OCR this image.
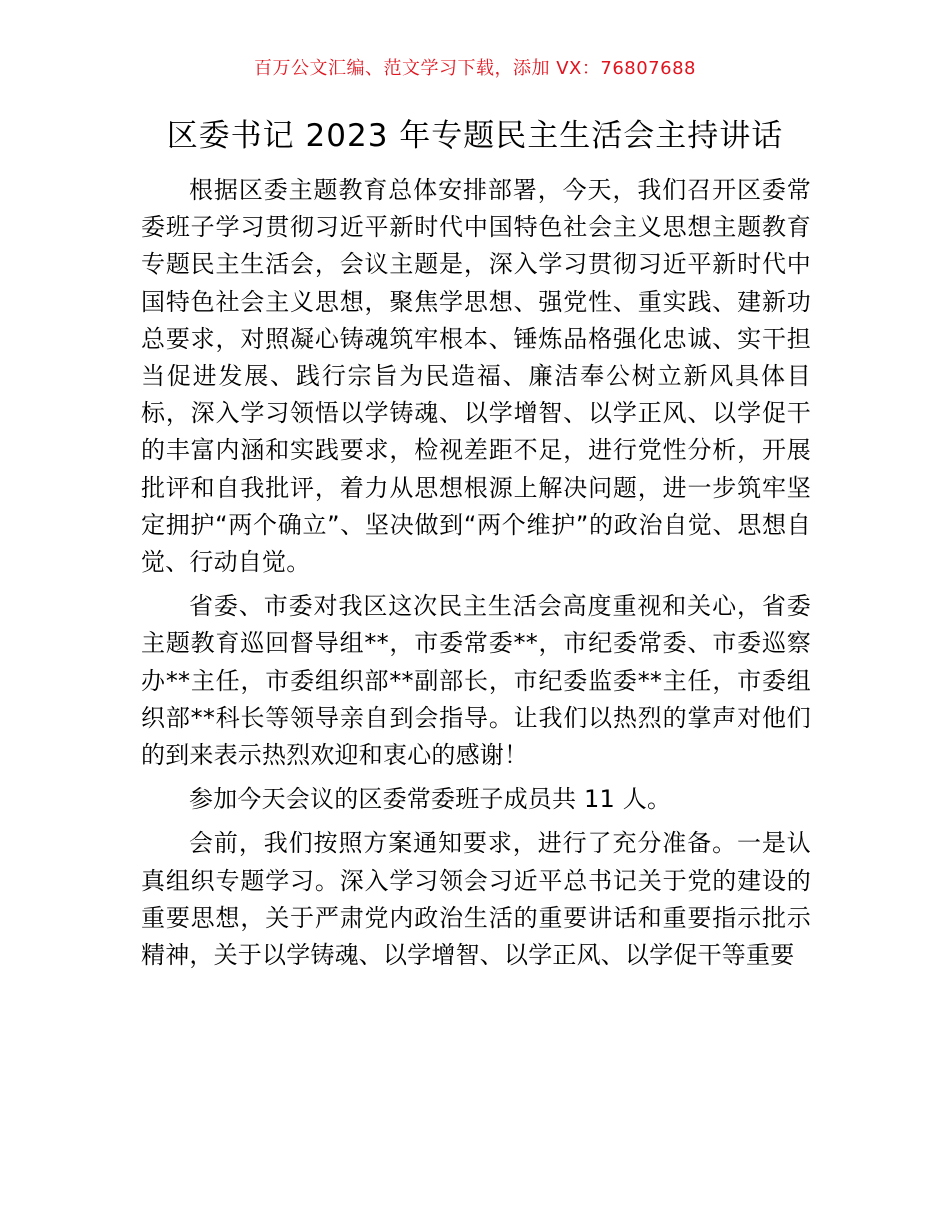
百万公文汇编、范文学习下载，添加 VX：76807688
区委书记 2023 年专题民主生活会主持讲话

根据区委主题教育总体安排部署，今天，我们召开区委常委班子学习贯彻习近平新时代中国特色社会主义思想主题教育专题民主生活会，会议主题是，深入学习贯彻习近平新时代中国特色社会主义思想，聚焦学思想、强党性、重实践、建新功总要求，对照凝心铸魂筑牢根本、锤炼品格强化忠诚、实干担当促进发展、践行宗旨为民造福、廉洁奉公树立新风具体目标，深入学习领悟以学铸魂、以学增智、以学正风、以学促干的丰富内涵和实践要求，检视差距不足，进行党性分析，开展批评和自我批评，着力从思想根源上解决问题，进一步筑牢坚定拥护“两个确立”、坚决做到“两个维护”的政治自觉、思想自觉、行动自觉。

省委、市委对我区这次民主生活会高度重视和关心，省委主题教育巡回督导组**，市委常委**，市纪委常委、市委巡察办**主任，市委组织部**副部长，市纪委监委**主任，市委组织部**科长等领导亲自到会指导。让我们以热烈的掌声对他们的到来表示热烈欢迎和衷心的感谢！

参加今天会议的区委常委班子成员共 11 人。

会前，我们按照方案通知要求，进行了充分准备。一是认真组织专题学习。深入学习领会习近平总书记关于党的建设的重要思想，关于严肃党内政治生活的重要讲话和重要指示批示精神，关于以学铸魂、以学增智、以学正风、以学促干等重要
